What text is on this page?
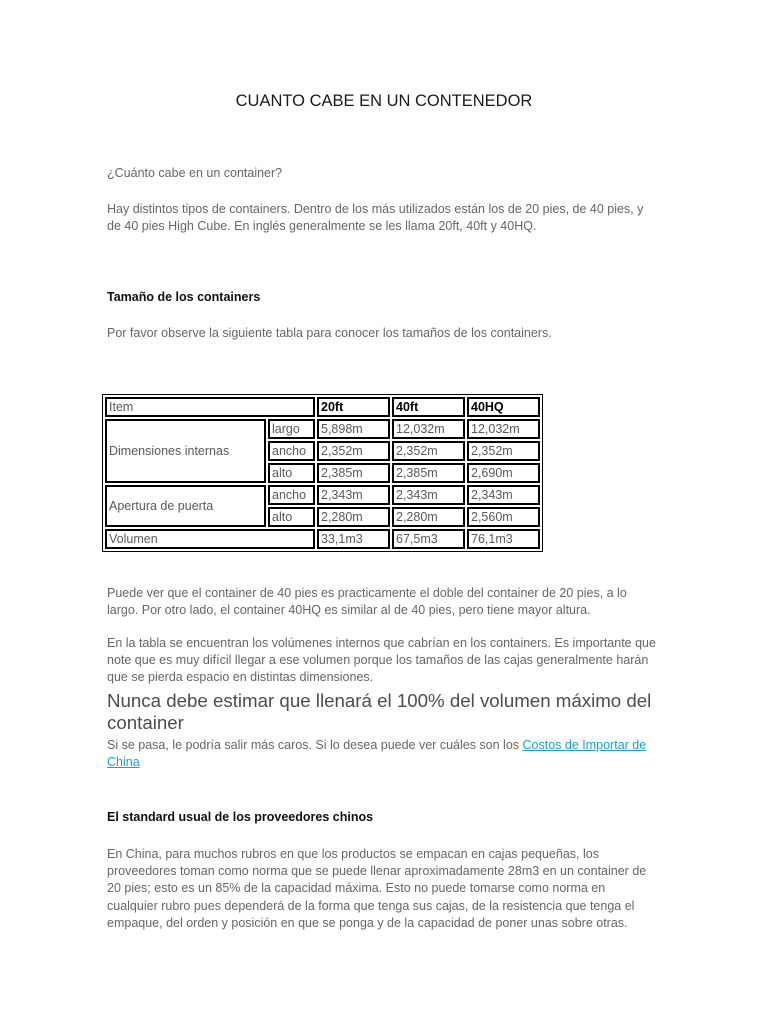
CUANTO CABE EN UN CONTENEDOR

¿Cuánto cabe en un container?

Hay distintos tipos de containers. Dentro de los más utilizados están los de 20 pies, de 40 pies, y
de 40 pies High Cube. En inglés generalmente se les llama 20ft, 40ft y 40HQ.
Tamaño de los containers

Por favor observe la siguiente tabla para conocer los tamaños de los containers.

Item		20ft	40ft	40HQ
Dimensiones internas	largo	5,898m	12,032m	12,032m
	ancho	2,352m	2,352m	2,352m
	alto	2,385m	2,385m	2,690m
Apertura de puerta	ancho	2,343m	2,343m	2,343m
	alto	2,280m	2,280m	2,560m
Volumen		33,1m3	67,5m3	76,1m3
Puede ver que el container de 40 pies es practicamente el doble del container de 20 pies, a lo
largo. Por otro lado, el container 40HQ es similar al de 40 pies, pero tiene mayor altura.
En la tabla se encuentran los volúmenes internos que cabrían en los containers. Es importante que
note que es muy difícil llegar a ese volumen porque los tamaños de las cajas generalmente harán
que se pierda espacio en distintas dimensiones.
Nunca debe estimar que llenará el 100% del volumen máximo del container

Si se pasa, le podría salir más caros. Si lo desea puede ver cuáles son los Costos de Importar de China

El standard usual de los proveedores chinos
En China, para muchos rubros en que los productos se empacan en cajas pequeñas, los
proveedores toman como norma que se puede llenar aproximadamente 28m3 en un container de
20 pies; esto es un 85% de la capacidad máxima. Esto no puede tomarse como norma en
cualquier rubro pues dependerá de la forma que tenga sus cajas, de la resistencia que tenga el
empaque, del orden y posición en que se ponga y de la capacidad de poner unas sobre otras.
